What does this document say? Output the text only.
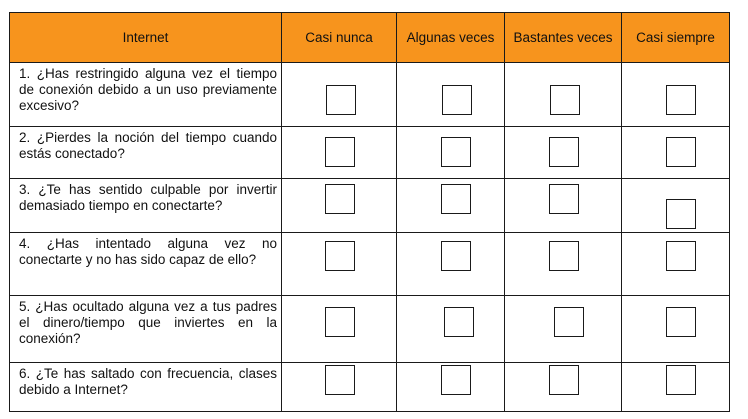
Internet	Casi nunca	Algunas veces	Bastantes veces	Casi siempre
1. ¿Has restringido alguna vez el tiempo de conexión debido a un uso previamente excesivo?	

2. ¿Pierdes la noción del tiempo cuando estás conectado?	

3. ¿Te has sentido culpable por invertir demasiado tiempo en conectarte?	

4. ¿Has intentado alguna vez no conectarte y no has sido capaz de ello?	

5. ¿Has ocultado alguna vez a tus padres el dinero/tiempo que inviertes en la conexión?	

6. ¿Te has saltado con frecuencia, clases debido a Internet?	
